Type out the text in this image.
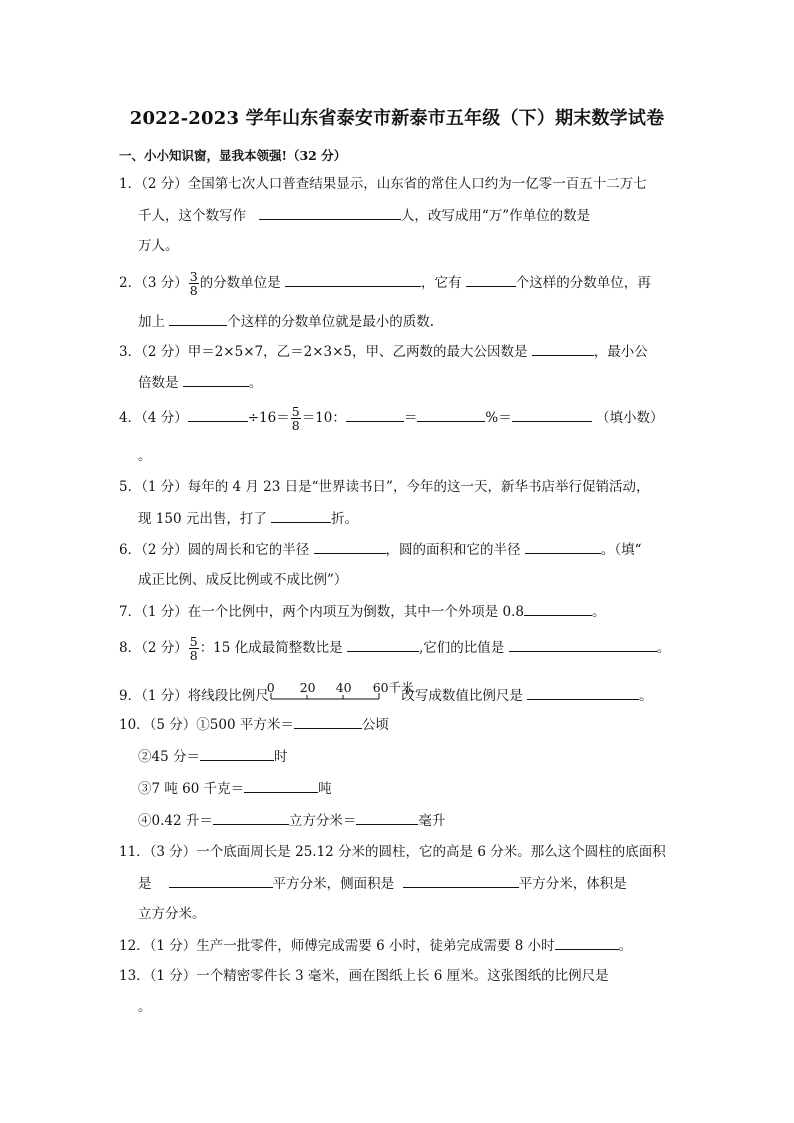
2022-2023 学年山东省泰安市新泰市五年级（下）期末数学试卷
一、小小知识窗，显我本领强!（32 分）
1．（2 分）全国第七次人口普查结果显示，山东省的常住人口约为一亿零一百五十二万七
千人，这个数写作	人，改写成用“万”作单位的数是
万人。
2．（3 分） $\frac{3}{8}$ 的分数单位是	，它有	个这样的分数单位，再
加上	个这样的分数单位就是最小的质数.
3．（2 分）甲＝2×5×7，乙＝2×3×5，甲、乙两数的最大公因数是	，最小公
倍数是	。
4．（4 分）	$\div 16= \frac{5}{8} =10$：	＝	%＝	（填小数）
。
5．（1 分）每年的 4 月 23 日是“世界读书日”，今年的这一天，新华书店举行促销活动，
现 150 元出售，打了	折。
6．（2 分）圆的周长和它的半径	，圆的面积和它的半径	。（填“
成正比例、成反比例或不成比例”）
7．（1 分）在一个比例中，两个内项互为倒数，其中一个外项是 0.8	。
8．（2 分） $\frac{5}{8}$ ：15 化成最简整数比是	,它们的比值是	。
9．（1 分）将线段比例尺
0 20 40 60千米
改写成数值比例尺是	。
10．（5 分）①500 平方米＝	公顷
②45 分＝	时
③7 吨 60 千克＝	吨
④0.42 升＝	立方分米＝	毫升
11．（3 分）一个底面周长是 25.12 分米的圆柱，它的高是 6 分米。那么这个圆柱的底面积
是	平方分米，侧面积是	平方分米，体积是
立方分米。
12．（1 分）生产一批零件，师傅完成需要 6 小时，徒弟完成需要 8 小时	。
13．（1 分）一个精密零件长 3 毫米，画在图纸上长 6 厘米。这张图纸的比例尺是
。
